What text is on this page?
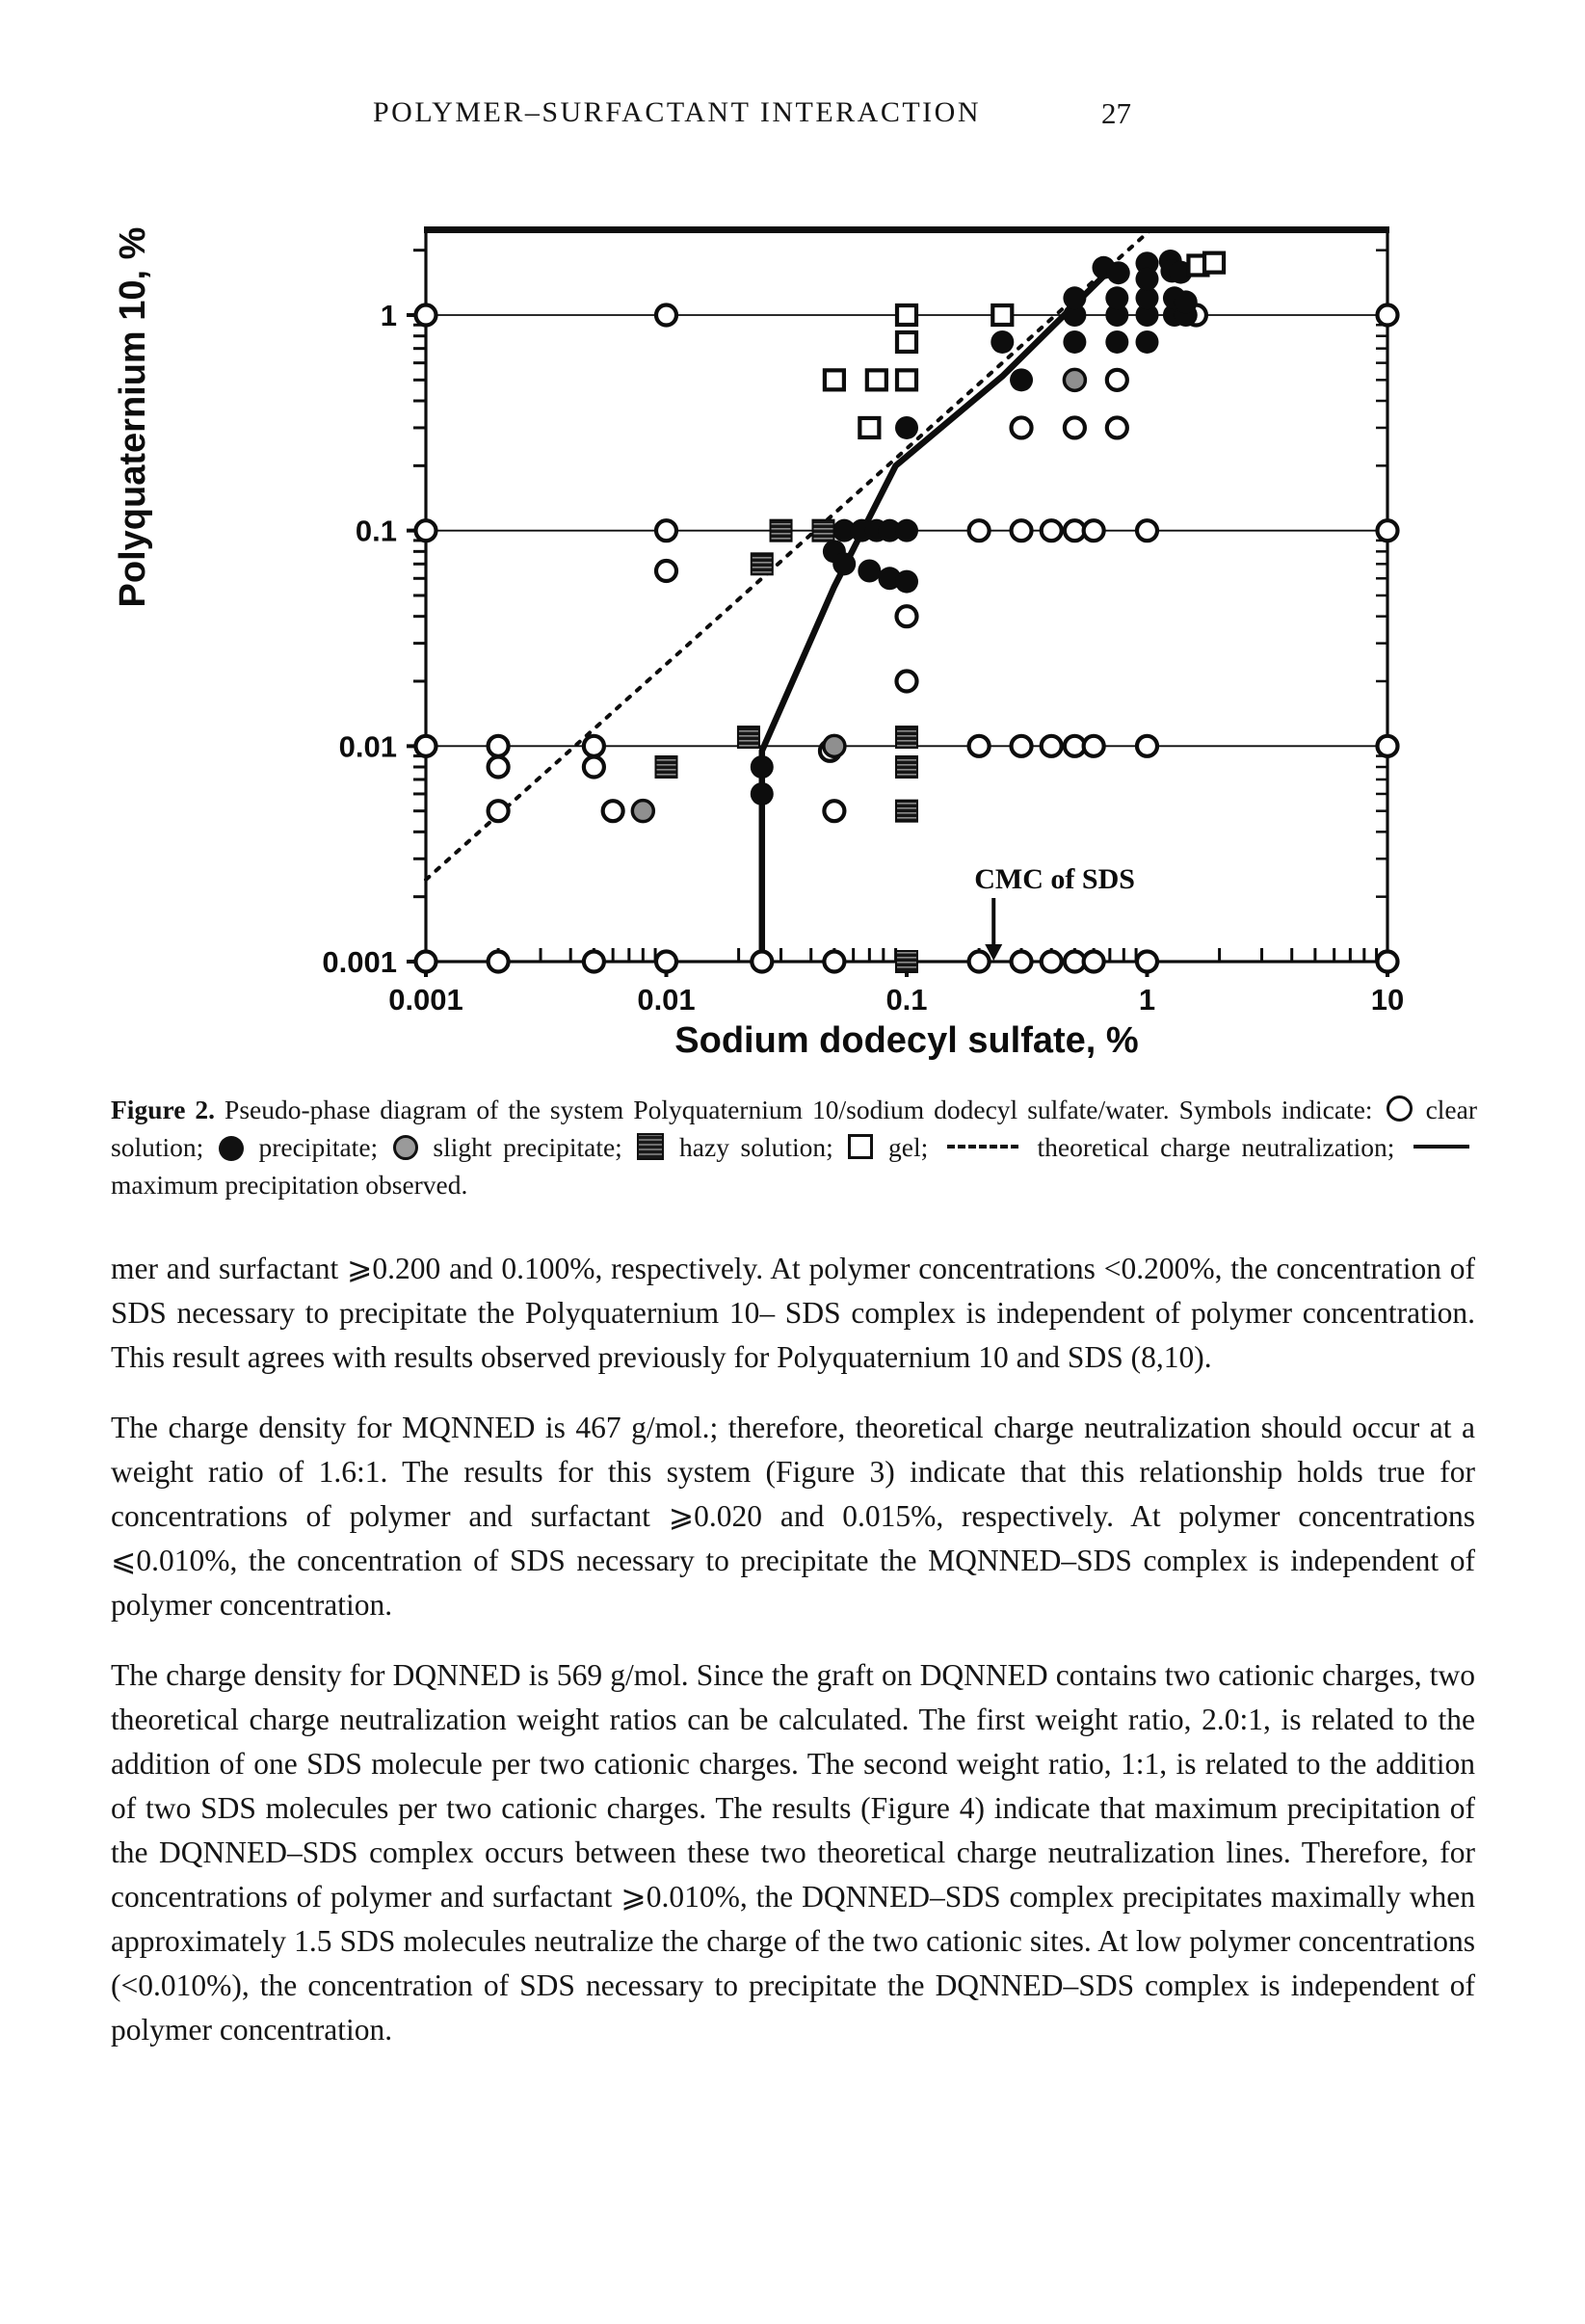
POLYMER–SURFACTANT INTERACTION	27
0.001	0.01	0.1	1	10
1
0.1
0.01
0.001
Sodium dodecyl sulfate, %
Polyquaternium 10, %
CMC of SDS
Figure 2. Pseudo-phase diagram of the system Polyquaternium 10/sodium dodecyl sulfate/water. Symbols indicate:  clear solution;  precipitate;  slight precipitate;  hazy solution;  gel;	theoretical charge neutralization;  maximum precipitation observed.

mer and surfactant ⩾0.200 and 0.100%, respectively. At polymer concentrations <0.200%, the concentration of SDS necessary to precipitate the Polyquaternium 10– SDS complex is independent of polymer concentration. This result agrees with results observed previously for Polyquaternium 10 and SDS (8,10).

The charge density for MQNNED is 467 g/mol.; therefore, theoretical charge neutralization should occur at a weight ratio of 1.6:1. The results for this system (Figure 3) indicate that this relationship holds true for concentrations of polymer and surfactant ⩾0.020 and 0.015%, respectively. At polymer concentrations ⩽0.010%, the concentration of SDS necessary to precipitate the MQNNED–SDS complex is independent of polymer concentration.

The charge density for DQNNED is 569 g/mol. Since the graft on DQNNED contains two cationic charges, two theoretical charge neutralization weight ratios can be calculated. The first weight ratio, 2.0:1, is related to the addition of one SDS molecule per two cationic charges. The second weight ratio, 1:1, is related to the addition of two SDS molecules per two cationic charges. The results (Figure 4) indicate that maximum precipitation of the DQNNED–SDS complex occurs between these two theoretical charge neutralization lines. Therefore, for concentrations of polymer and surfactant ⩾0.010%, the DQNNED–SDS complex precipitates maximally when approximately 1.5 SDS molecules neutralize the charge of the two cationic sites. At low polymer concentrations (<0.010%), the concentration of SDS necessary to precipitate the DQNNED–SDS complex is independent of polymer concentration.
